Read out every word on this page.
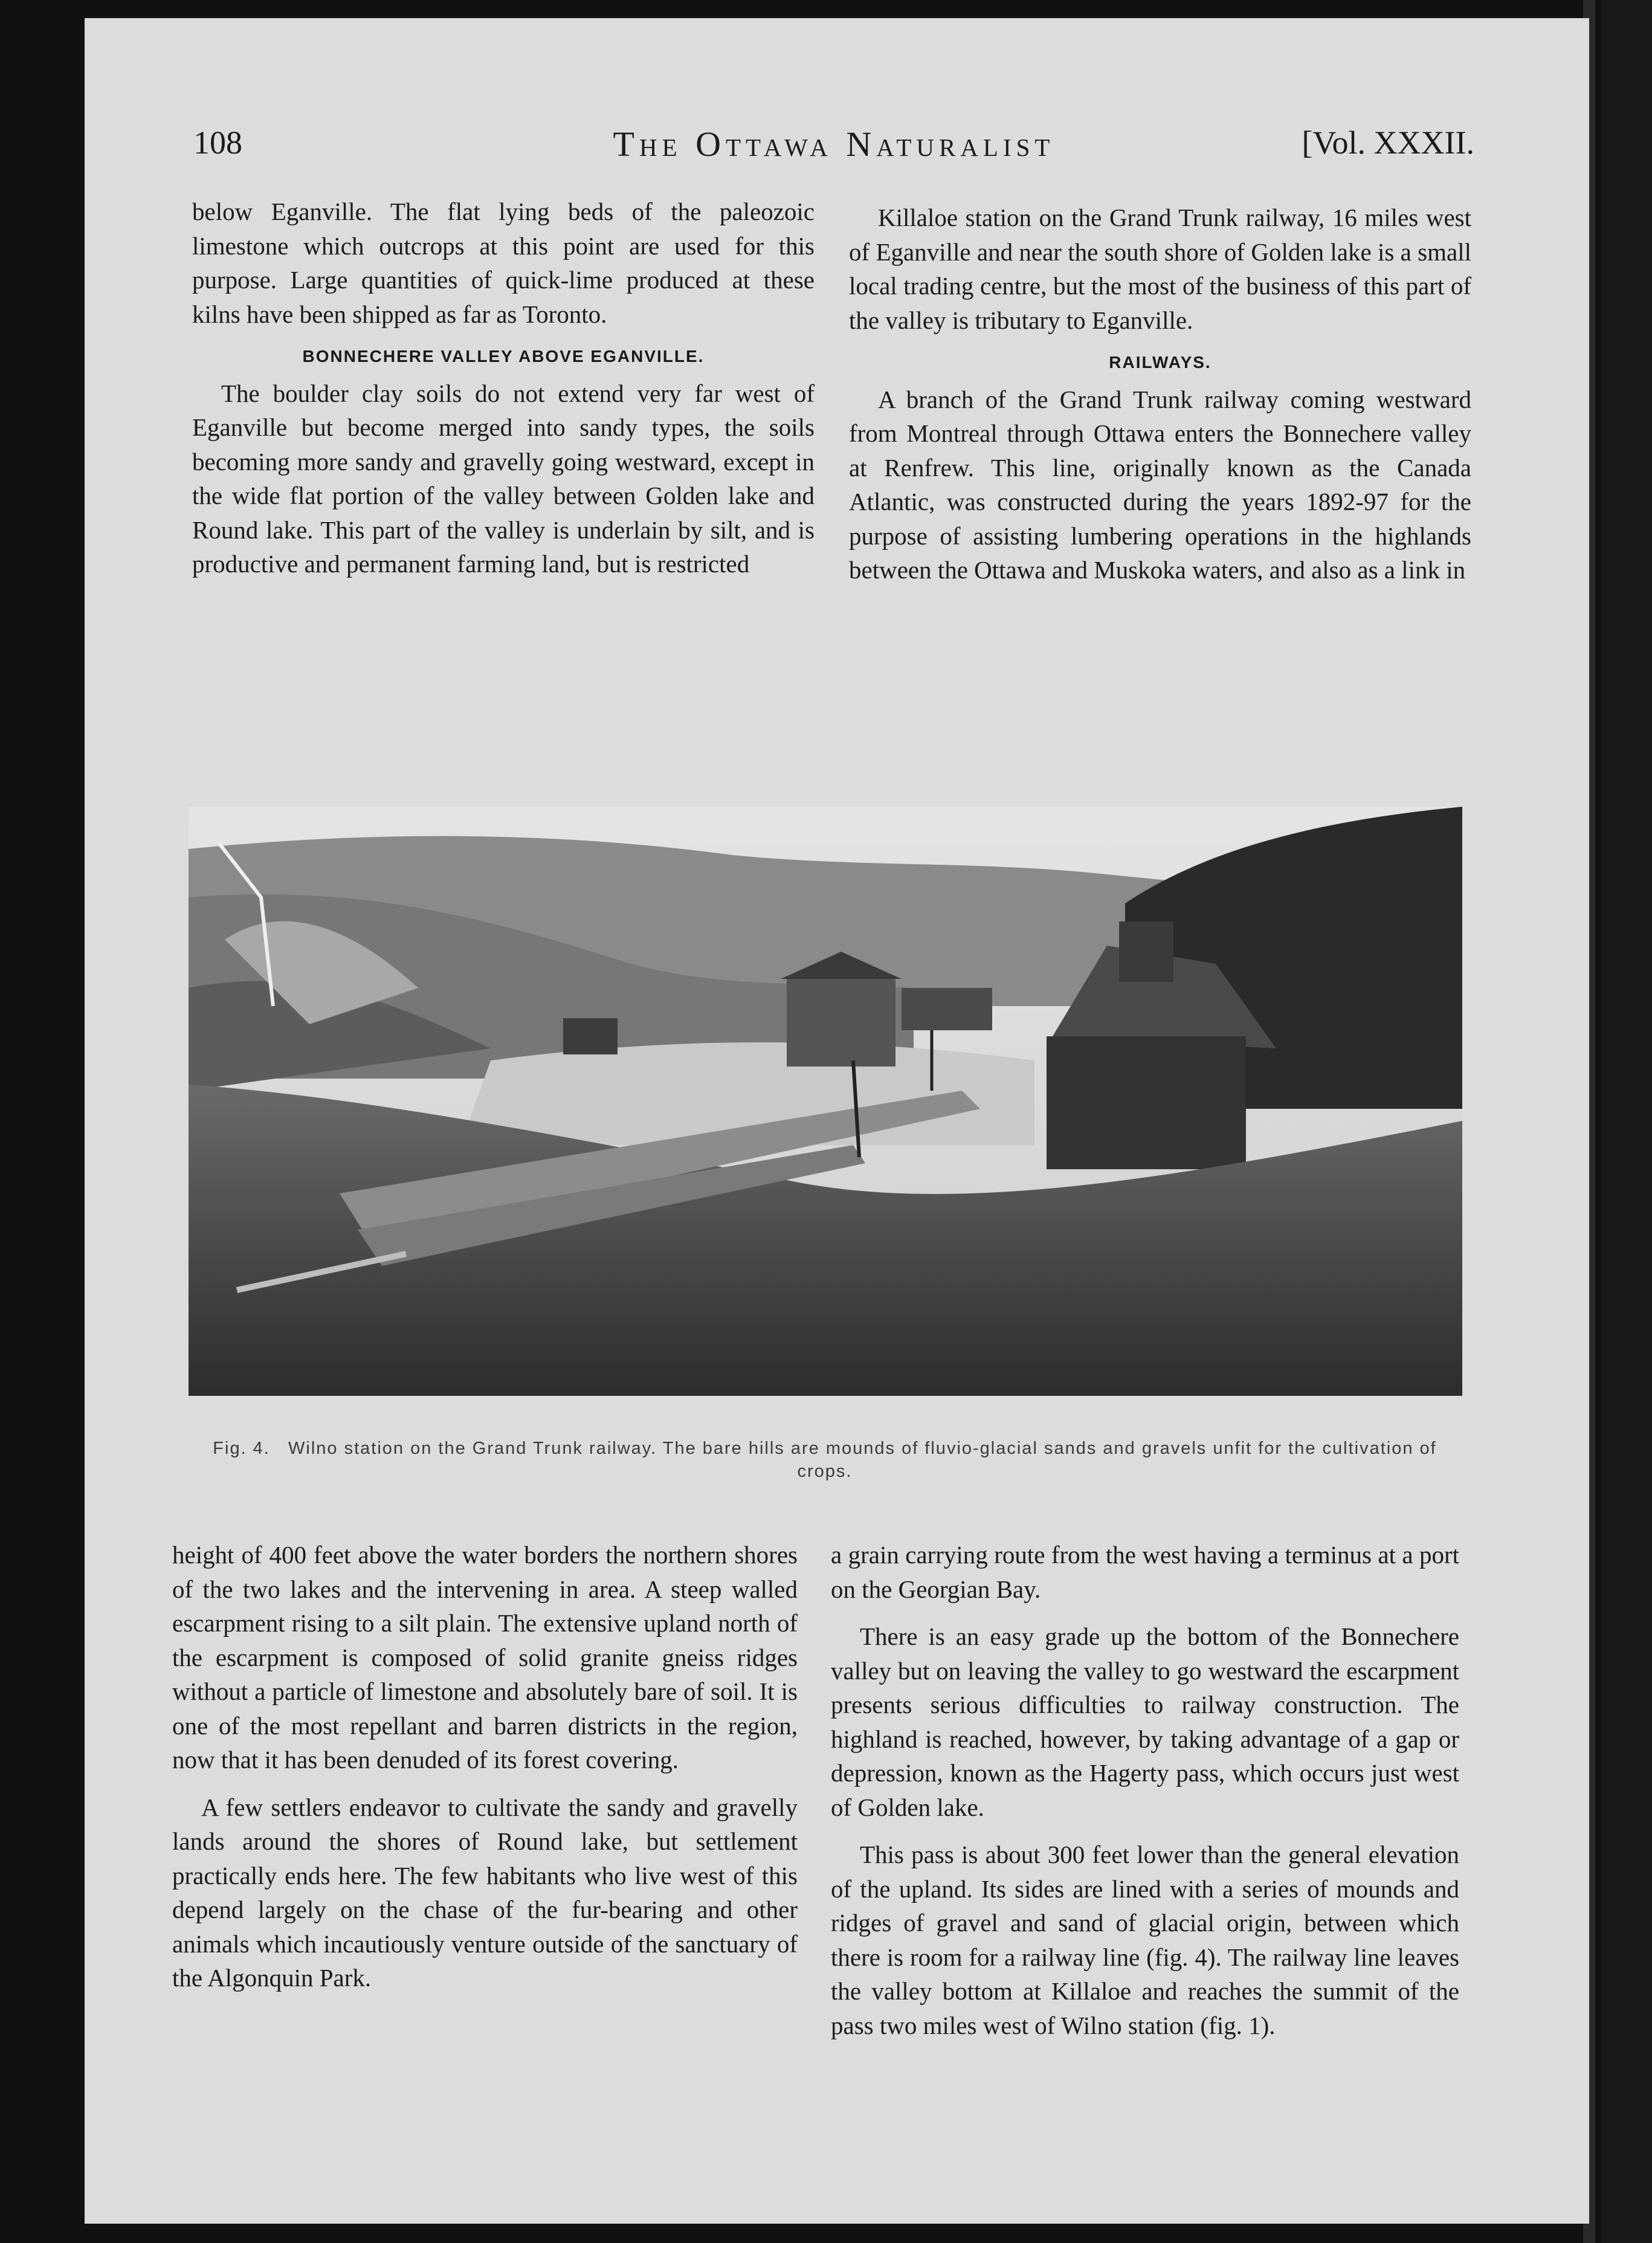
108	The Ottawa Naturalist	[Vol. XXXII.

below Eganville. The flat lying beds of the paleozoic limestone which outcrops at this point are used for this purpose. Large quantities of quick-lime produced at these kilns have been shipped as far as Toronto.

BONNECHERE VALLEY ABOVE EGANVILLE.

The boulder clay soils do not extend very far west of Eganville but become merged into sandy types, the soils becoming more sandy and gravelly going westward, except in the wide flat portion of the valley between Golden lake and Round lake. This part of the valley is underlain by silt, and is productive and permanent farming land, but is restricted

Killaloe station on the Grand Trunk railway, 16 miles west of Eganville and near the south shore of Golden lake is a small local trading centre, but the most of the business of this part of the valley is tributary to Eganville.

RAILWAYS.

A branch of the Grand Trunk railway coming westward from Montreal through Ottawa enters the Bonnechere valley at Renfrew. This line, originally known as the Canada Atlantic, was constructed during the years 1892-97 for the purpose of assisting lumbering operations in the highlands between the Ottawa and Muskoka waters, and also as a link in

Fig. 4. Wilno station on the Grand Trunk railway. The bare hills are mounds of fluvio-glacial sands and gravels unfit for the cultivation of crops.

height of 400 feet above the water borders the northern shores of the two lakes and the intervening in area. A steep walled escarpment rising to a silt plain. The extensive upland north of the escarpment is composed of solid granite gneiss ridges without a particle of limestone and absolutely bare of soil. It is one of the most repellant and barren districts in the region, now that it has been denuded of its forest covering.

A few settlers endeavor to cultivate the sandy and gravelly lands around the shores of Round lake, but settlement practically ends here. The few habitants who live west of this depend largely on the chase of the fur-bearing and other animals which incautiously venture outside of the sanctuary of the Algonquin Park.

a grain carrying route from the west having a terminus at a port on the Georgian Bay.

There is an easy grade up the bottom of the Bonnechere valley but on leaving the valley to go westward the escarpment presents serious difficulties to railway construction. The highland is reached, however, by taking advantage of a gap or depression, known as the Hagerty pass, which occurs just west of Golden lake.

This pass is about 300 feet lower than the general elevation of the upland. Its sides are lined with a series of mounds and ridges of gravel and sand of glacial origin, between which there is room for a railway line (fig. 4). The railway line leaves the valley bottom at Killaloe and reaches the summit of the pass two miles west of Wilno station (fig. 1).
